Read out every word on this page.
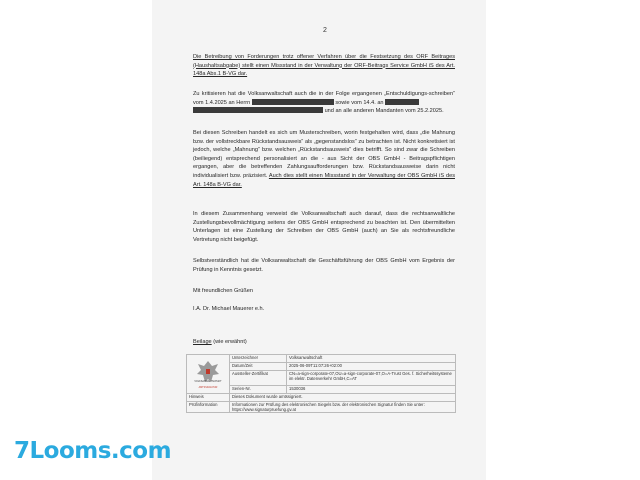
2

Die Betreibung von Forderungen trotz offener Verfahren über die Festsetzung des ORF Beitrages (Haushaltsabgabe) stellt einen Missstand in der Verwaltung der ORF-Beitrags Service GmbH iS des Art. 148a Abs.1 B-VG dar.

Zu kritisieren hat die Volksanwaltschaft auch die in der Folge ergangenen „Entschuldigungs-schreiben“ vom 1.4.2025 an Herrn	sowie vom 14.4. an
und an alle anderen Mandanten vom 25.2.2025.

Bei diesen Schreiben handelt es sich um Musterschreiben, worin festgehalten wird, dass „die Mahnung bzw. der vollstreckbare Rückstandsausweis“ als „gegenstandslos“ zu betrachten ist. Nicht konkretisiert ist jedoch, welche „Mahnung“ bzw. welchen „Rückstandsausweis“ dies betrifft. So sind zwar die Schreiben (beiliegend) entsprechend personalisiert an die - aus Sicht der OBS GmbH - Beitragspflichtigen ergangen, aber die betreffenden Zahlungsaufforderungen bzw. Rückstandsausweise darin nicht individualisiert bzw. präzisiert. Auch dies stellt einen Missstand in der Verwaltung der OBS GmbH iS des Art. 148a B-VG dar.

In diesem Zusammenhang verweist die Volksanwaltschaft auch darauf, dass die rechtsanwaltliche Zustellungsbevollmächtigung seitens der OBS GmbH entsprechend zu beachten ist. Den übermittelten Unterlagen ist eine Zustellung der Schreiben der OBS GmbH (auch) an Sie als rechtsfreundliche Vertretung nicht beigefügt.

Selbstverständlich hat die Volksanwaltschaft die Geschäftsführung der OBS GmbH vom Ergebnis der Prüfung in Kenntnis gesetzt.

Mit freundlichen Grüßen

I.A. Dr. Michael Mauerer e.h.

Beilage (wie erwähnt)

VOLKSANWALTSCHAFT
AMTSSIGNATUR	Unterzeichner	Volksanwaltschaft
	Datum/Zeit	2025-06-09T11:07:26+02:00
	Aussteller-Zertifikat	CN=a-sign-corporate-07,OU=a-sign-corporate-07,O=A-Trust Ges. f. Sicherheitssysteme im elektr. Datenverkehr GmbH,C=AT
	Serien-Nr.	1530036
Hinweis	Dieses Dokument wurde amtssigniert.	
Prüfinformation	Informationen zur Prüfung des elektronischen Siegels bzw. der elektronischen Signatur finden Sie unter: https://www.signaturpruefung.gv.at	
7Looms.com
